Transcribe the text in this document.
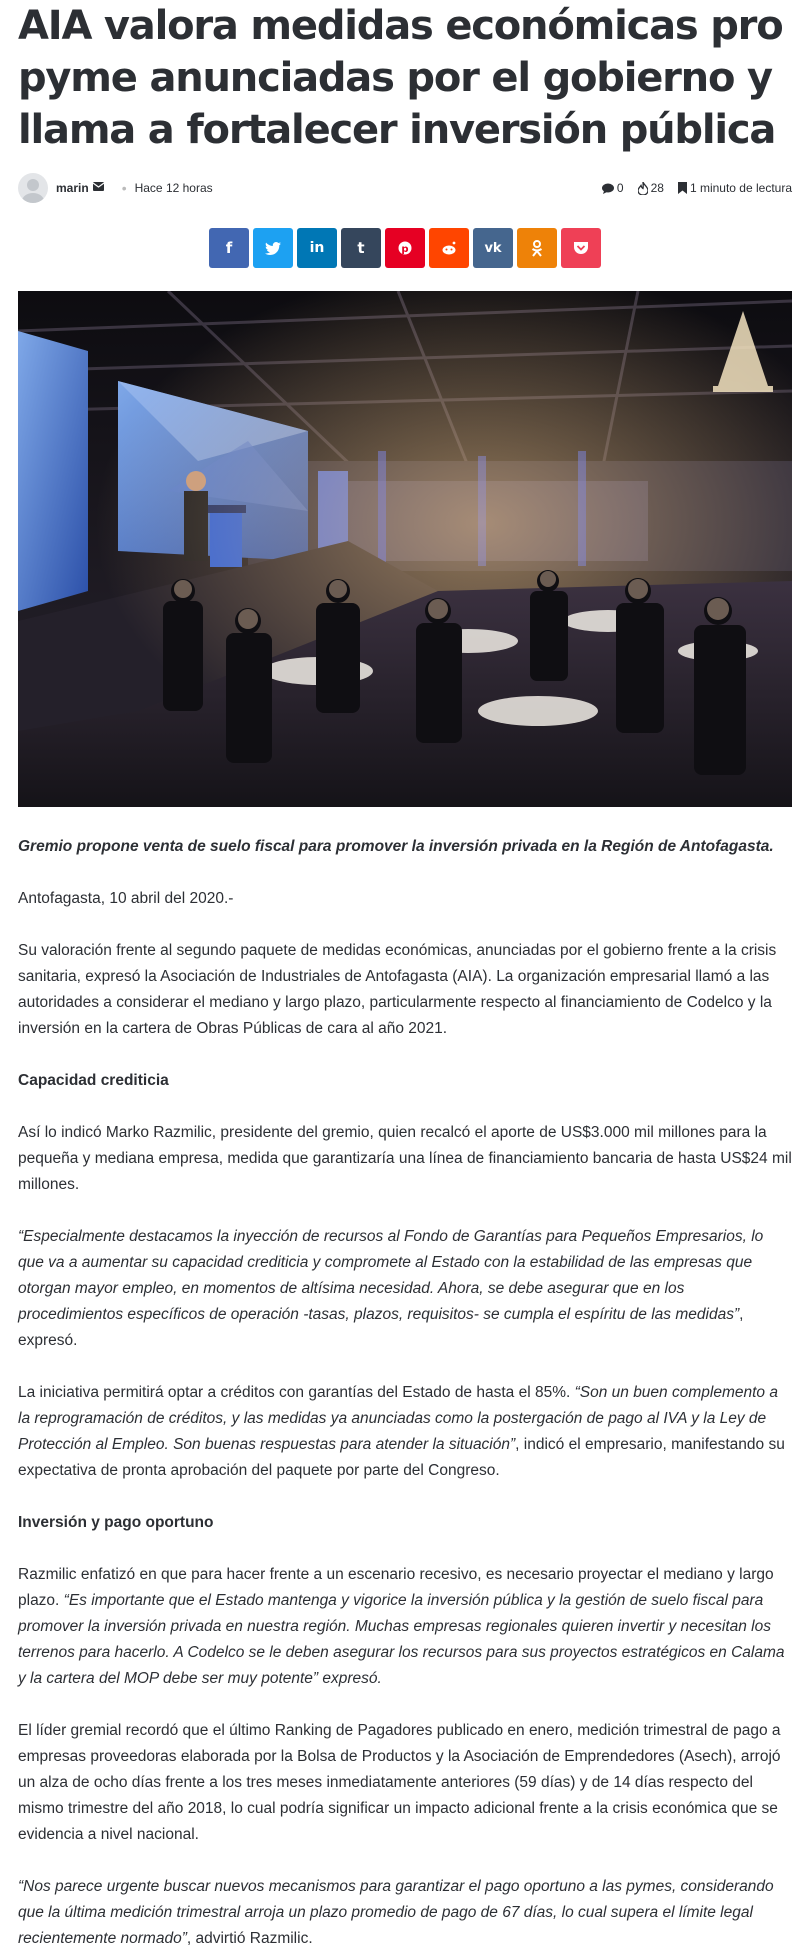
AIA valora medidas económicas pro pyme anunciadas por el gobierno y llama a fortalecer inversión pública
marin • Hace 12 horas	0 28 1 minuto de lectura
f	in t	p	vk

Gremio propone venta de suelo fiscal para promover la inversión privada en la Región de Antofagasta.

Antofagasta, 10 abril del 2020.-

Su valoración frente al segundo paquete de medidas económicas, anunciadas por el gobierno frente a la crisis sanitaria, expresó la Asociación de Industriales de Antofagasta (AIA). La organización empresarial llamó a las autoridades a considerar el mediano y largo plazo, particularmente respecto al financiamiento de Codelco y la inversión en la cartera de Obras Públicas de cara al año 2021.

Capacidad crediticia

Así lo indicó Marko Razmilic, presidente del gremio, quien recalcó el aporte de US$3.000 mil millones para la pequeña y mediana empresa, medida que garantizaría una línea de financiamiento bancaria de hasta US$24 mil millones.

“Especialmente destacamos la inyección de recursos al Fondo de Garantías para Pequeños Empresarios, lo que va a aumentar su capacidad crediticia y compromete al Estado con la estabilidad de las empresas que otorgan mayor empleo, en momentos de altísima necesidad. Ahora, se debe asegurar que en los procedimientos específicos de operación -tasas, plazos, requisitos- se cumpla el espíritu de las medidas”, expresó.

La iniciativa permitirá optar a créditos con garantías del Estado de hasta el 85%. “Son un buen complemento a la reprogramación de créditos, y las medidas ya anunciadas como la postergación de pago al IVA y la Ley de Protección al Empleo. Son buenas respuestas para atender la situación”, indicó el empresario, manifestando su expectativa de pronta aprobación del paquete por parte del Congreso.

Inversión y pago oportuno

Razmilic enfatizó en que para hacer frente a un escenario recesivo, es necesario proyectar el mediano y largo plazo. “Es importante que el Estado mantenga y vigorice la inversión pública y la gestión de suelo fiscal para promover la inversión privada en nuestra región. Muchas empresas regionales quieren invertir y necesitan los terrenos para hacerlo. A Codelco se le deben asegurar los recursos para sus proyectos estratégicos en Calama y la cartera del MOP debe ser muy potente” expresó.

El líder gremial recordó que el último Ranking de Pagadores publicado en enero, medición trimestral de pago a empresas proveedoras elaborada por la Bolsa de Productos y la Asociación de Emprendedores (Asech), arrojó un alza de ocho días frente a los tres meses inmediatamente anteriores (59 días) y de 14 días respecto del mismo trimestre del año 2018, lo cual podría significar un impacto adicional frente a la crisis económica que se evidencia a nivel nacional.

“Nos parece urgente buscar nuevos mecanismos para garantizar el pago oportuno a las pymes, considerando que la última medición trimestral arroja un plazo promedio de pago de 67 días, lo cual supera el límite legal recientemente normado”, advirtió Razmilic.
